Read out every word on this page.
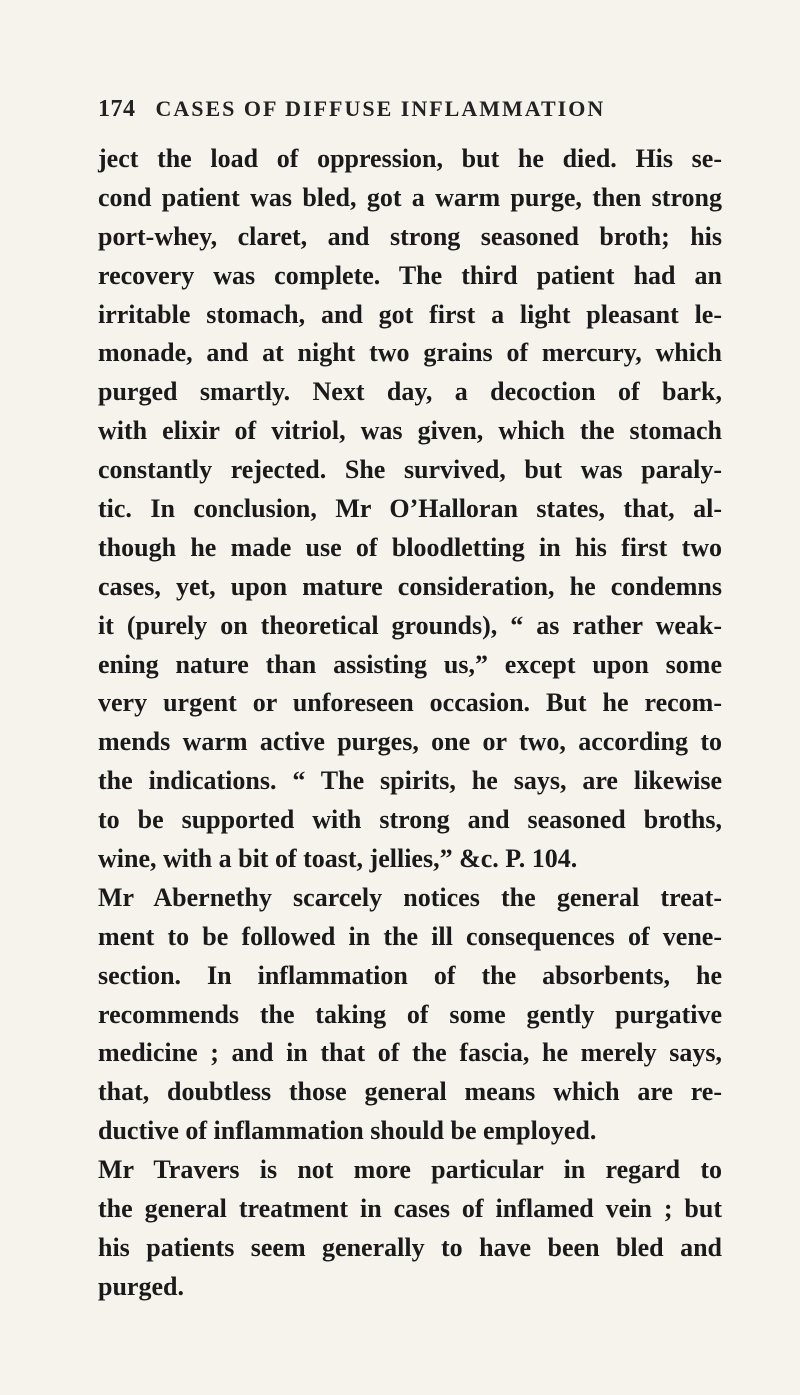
174 CASES OF DIFFUSE INFLAMMATION
ject the load of oppression, but he died. His se-
cond patient was bled, got a warm purge, then strong
port-whey, claret, and strong seasoned broth; his
recovery was complete. The third patient had an
irritable stomach, and got first a light pleasant le-
monade, and at night two grains of mercury, which
purged smartly. Next day, a decoction of bark,
with elixir of vitriol, was given, which the stomach
constantly rejected. She survived, but was paraly-
tic. In conclusion, Mr O’Halloran states, that, al-
though he made use of bloodletting in his first two
cases, yet, upon mature consideration, he condemns
it (purely on theoretical grounds), “ as rather weak-
ening nature than assisting us,” except upon some
very urgent or unforeseen occasion. But he recom-
mends warm active purges, one or two, according to
the indications. “ The spirits, he says, are likewise
to be supported with strong and seasoned broths,
wine, with a bit of toast, jellies,” &c. P. 104.
Mr Abernethy scarcely notices the general treat-
ment to be followed in the ill consequences of vene-
section. In inflammation of the absorbents, he
recommends the taking of some gently purgative
medicine ; and in that of the fascia, he merely says,
that, doubtless those general means which are re-
ductive of inflammation should be employed.
Mr Travers is not more particular in regard to
the general treatment in cases of inflamed vein ; but
his patients seem generally to have been bled and
purged.
